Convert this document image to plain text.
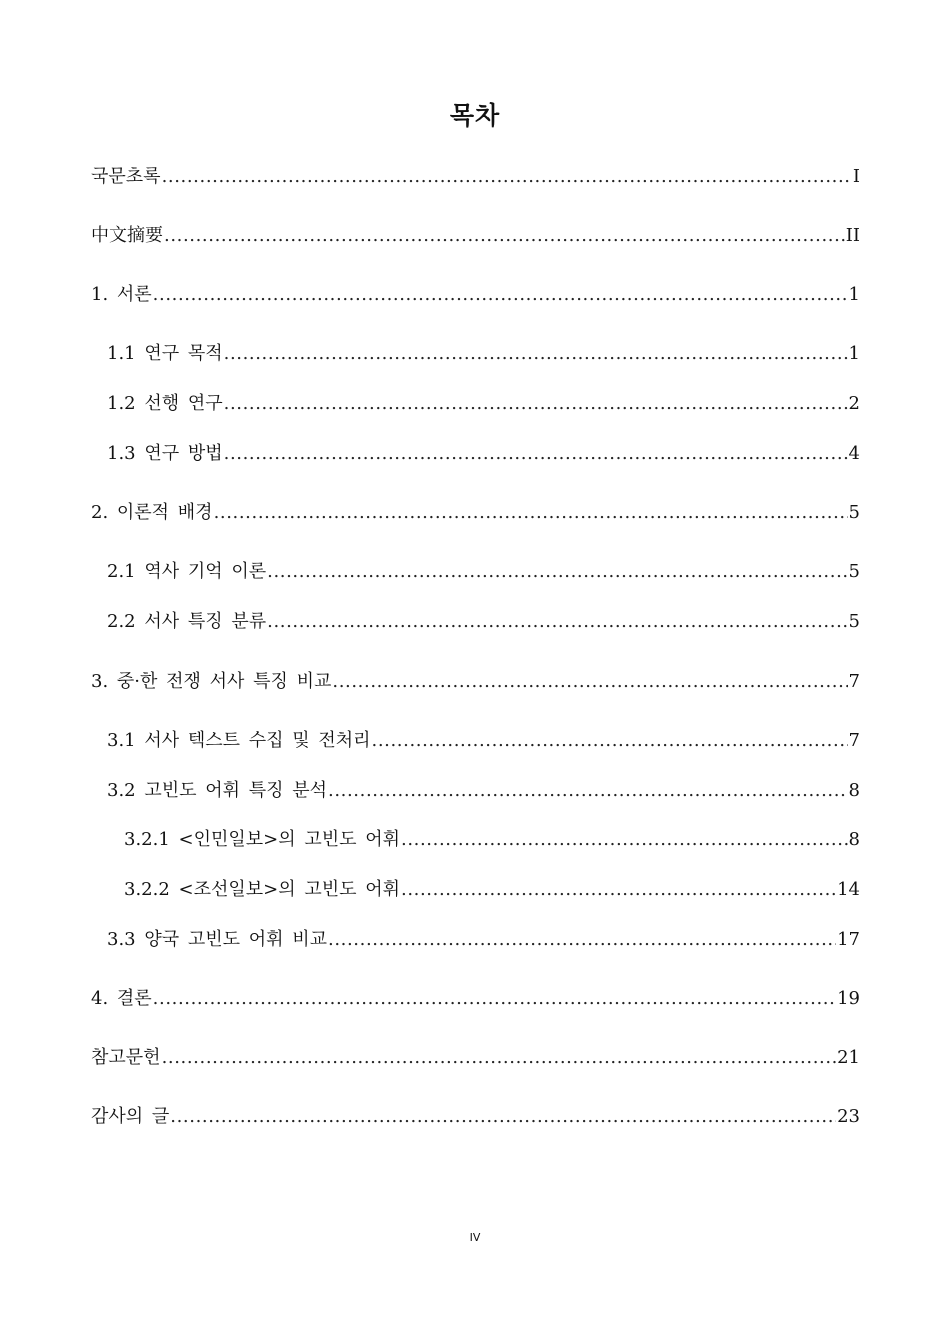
목차
국문초록 .....	I
中文摘要 .....	II
1. 서론 .....	1
1.1 연구 목적 .....	1
1.2 선행 연구 .....	2
1.3 연구 방법 .....	4
2. 이론적 배경 .....	5
2.1 역사 기억 이론 .....	5
2.2 서사 특징 분류 .....	5
3. 중·한 전쟁 서사 특징 비교 .....	7
3.1 서사 텍스트 수집 및 전처리 .....	7
3.2 고빈도 어휘 특징 분석 .....	8
3.2.1 <인민일보>의 고빈도 어휘 .....	8
3.2.2 <조선일보>의 고빈도 어휘 .....	14
3.3 양국 고빈도 어휘 비교 .....	17
4. 결론 .....	19
참고문헌 .....	21
감사의 글 .....	23
IV
